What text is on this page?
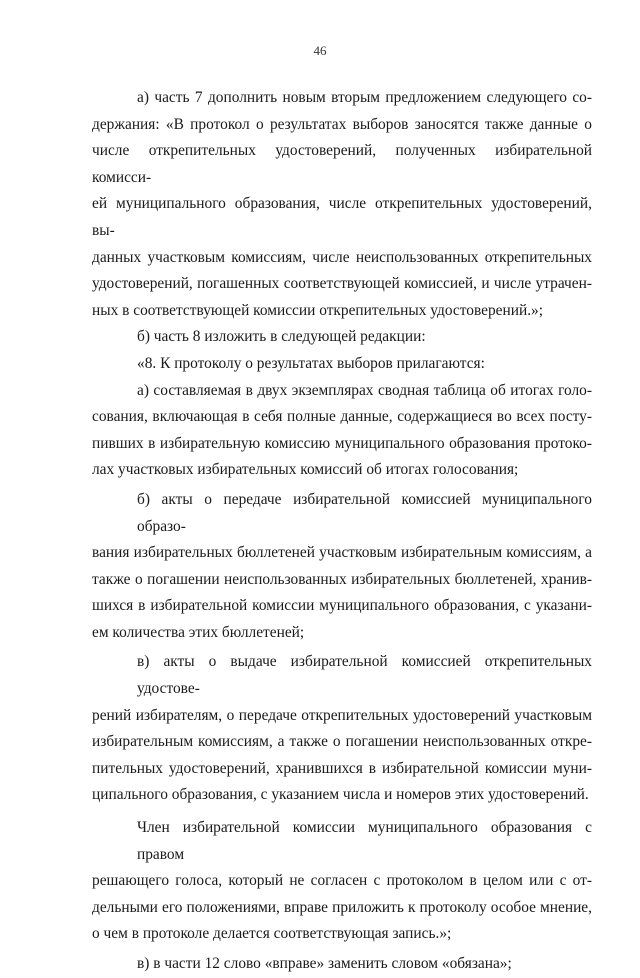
46
а) часть 7 дополнить новым вторым предложением следующего со-
держания: «В протокол о результатах выборов заносятся также данные о
числе открепительных удостоверений, полученных избирательной комисси-
ей муниципального образования, числе открепительных удостоверений, вы-
данных участковым комиссиям, числе неиспользованных открепительных
удостоверений, погашенных соответствующей комиссией, и числе утрачен-
ных в соответствующей комиссии открепительных удостоверений.»;
б) часть 8 изложить в следующей редакции:
«8. К протоколу о результатах выборов прилагаются:
а) составляемая в двух экземплярах сводная таблица об итогах голо-
сования, включающая в себя полные данные, содержащиеся во всех посту-
пивших в избирательную комиссию муниципального образования протоко-
лах участковых избирательных комиссий об итогах голосования;
б) акты о передаче избирательной комиссией муниципального образо-
вания избирательных бюллетеней участковым избирательным комиссиям, а
также о погашении неиспользованных избирательных бюллетеней, хранив-
шихся в избирательной комиссии муниципального образования, с указани-
ем количества этих бюллетеней;
в) акты о выдаче избирательной комиссией открепительных удостове-
рений избирателям, о передаче открепительных удостоверений участковым
избирательным комиссиям, а также о погашении неиспользованных откре-
пительных удостоверений, хранившихся в избирательной комиссии муни-
ципального образования, с указанием числа и номеров этих удостоверений.
Член избирательной комиссии муниципального образования с правом
решающего голоса, который не согласен с протоколом в целом или с от-
дельными его положениями, вправе приложить к протоколу особое мнение,
о чем в протоколе делается соответствующая запись.»;
в) в части 12 слово «вправе» заменить словом «обязана»;
